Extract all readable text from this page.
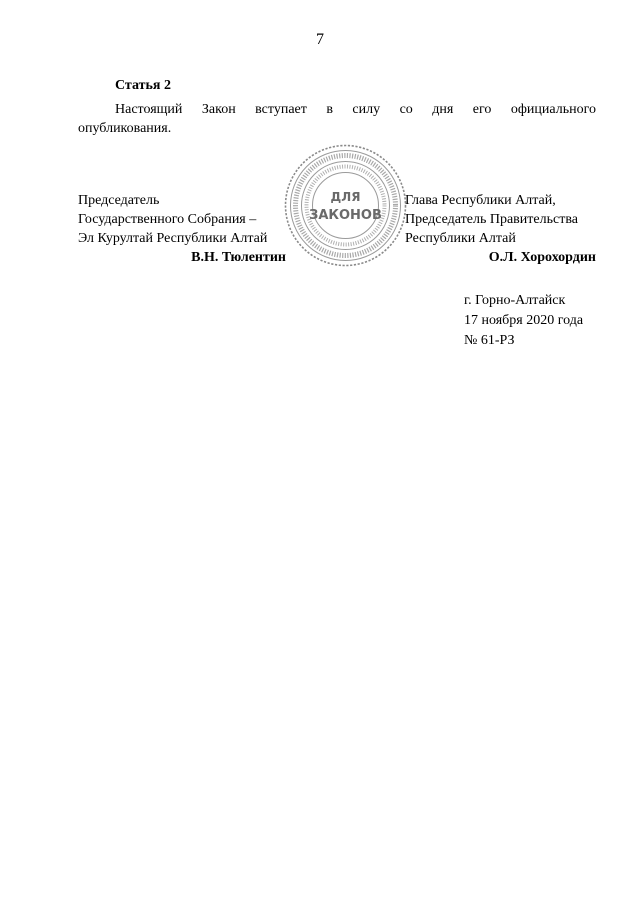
7
Статья 2
Настоящий Закон вступает в силу со дня его официального
опубликования.
Председатель
Государственного Собрания –
Эл Курултай Республики Алтай
В.Н. Тюлентин
Глава Республики Алтай,
Председатель Правительства
Республики Алтай
О.Л. Хорохордин
ДЛЯ
ЗАКОНОВ
г. Горно-Алтайск
17 ноября 2020 года
№ 61-РЗ
